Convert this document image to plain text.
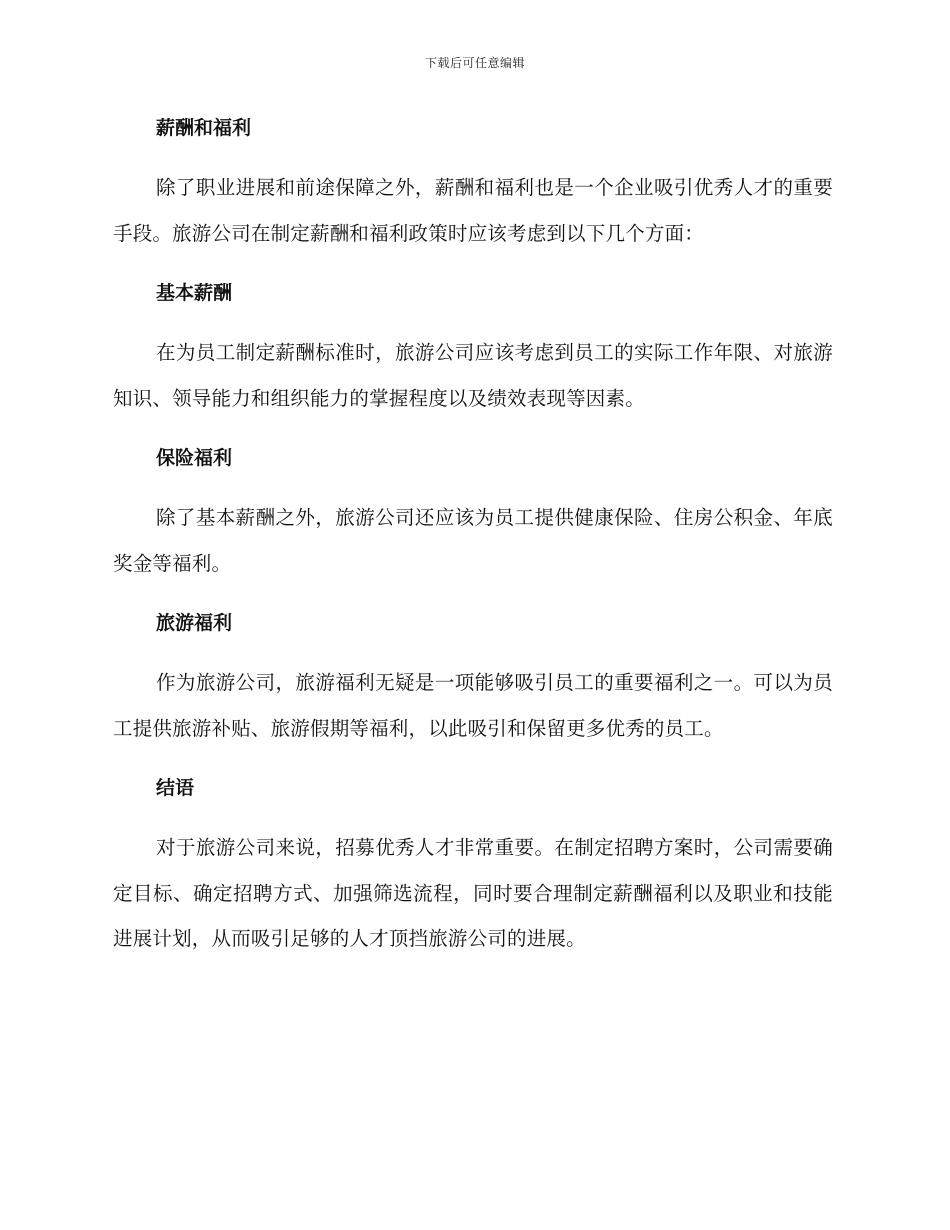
下载后可任意编辑
薪酬和福利
除了职业进展和前途保障之外，薪酬和福利也是一个企业吸引优秀人才的重要手段。旅游公司在制定薪酬和福利政策时应该考虑到以下几个方面：
基本薪酬
在为员工制定薪酬标准时，旅游公司应该考虑到员工的实际工作年限、对旅游知识、领导能力和组织能力的掌握程度以及绩效表现等因素。
保险福利
除了基本薪酬之外，旅游公司还应该为员工提供健康保险、住房公积金、年底奖金等福利。
旅游福利
作为旅游公司，旅游福利无疑是一项能够吸引员工的重要福利之一。可以为员工提供旅游补贴、旅游假期等福利，以此吸引和保留更多优秀的员工。
结语
对于旅游公司来说，招募优秀人才非常重要。在制定招聘方案时，公司需要确定目标、确定招聘方式、加强筛选流程，同时要合理制定薪酬福利以及职业和技能进展计划，从而吸引足够的人才顶挡旅游公司的进展。
